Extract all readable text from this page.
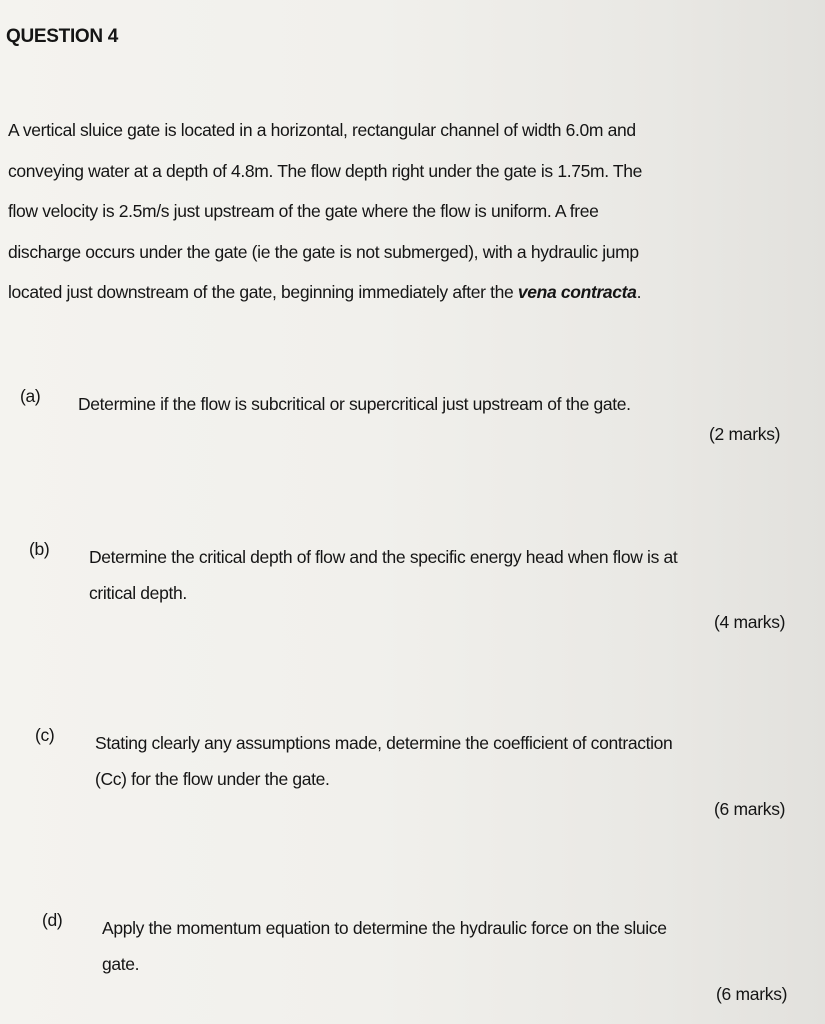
QUESTION 4
A vertical sluice gate is located in a horizontal, rectangular channel of width 6.0m and
conveying water at a depth of 4.8m. The flow depth right under the gate is 1.75m. The
flow velocity is 2.5m/s just upstream of the gate where the flow is uniform. A free
discharge occurs under the gate (ie the gate is not submerged), with a hydraulic jump
located just downstream of the gate, beginning immediately after the vena contracta.
(a) Determine if the flow is subcritical or supercritical just upstream of the gate.
(2 marks)
(b) Determine the critical depth of flow and the specific energy head when flow is at
critical depth.
(4 marks)
(c) Stating clearly any assumptions made, determine the coefficient of contraction
(Cc) for the flow under the gate.
(6 marks)
(d) Apply the momentum equation to determine the hydraulic force on the sluice
gate.
(6 marks)
